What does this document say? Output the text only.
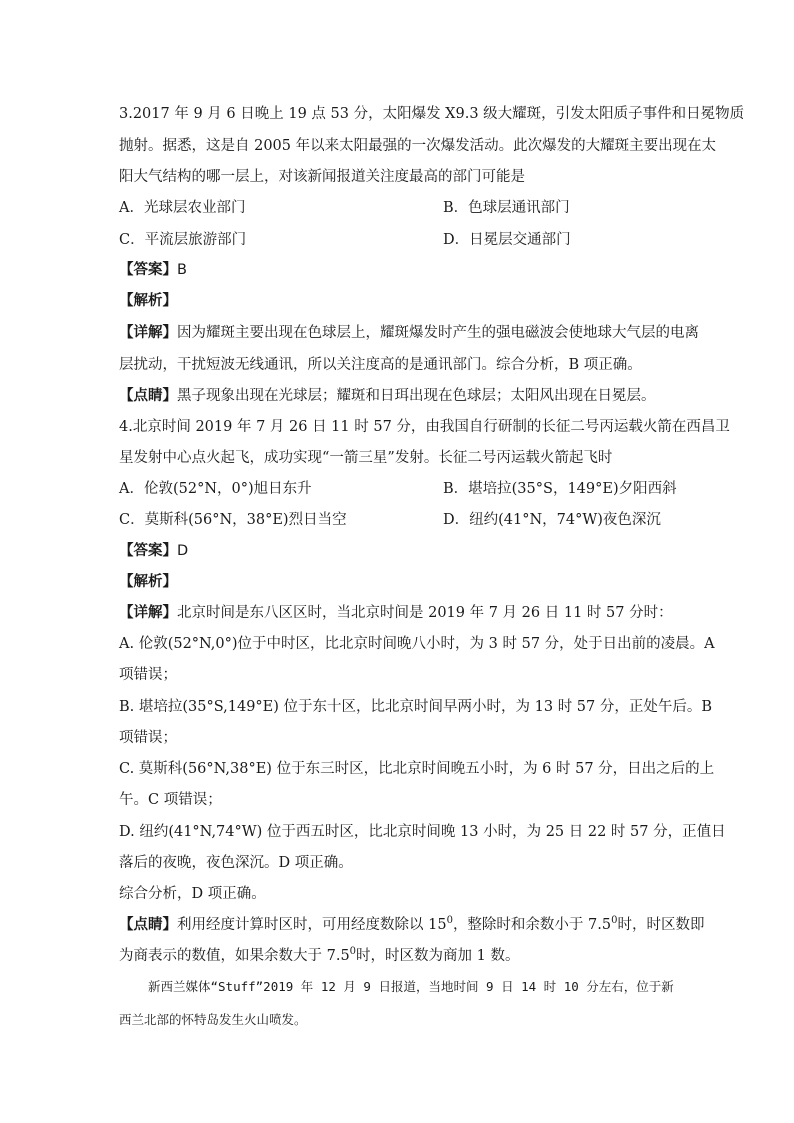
3.2017 年 9 月 6 日晚上 19 点 53 分，太阳爆发 X9.3 级大耀斑，引发太阳质子事件和日冕物质
抛射。据悉，这是自 2005 年以来太阳最强的一次爆发活动。此次爆发的大耀斑主要出现在太
阳大气结构的哪一层上，对该新闻报道关注度最高的部门可能是
A．光球层农业部门	B．色球层通讯部门
C．平流层旅游部门	D．日冕层交通部门
【答案】B
【解析】
【详解】因为耀斑主要出现在色球层上，耀斑爆发时产生的强电磁波会使地球大气层的电离
层扰动，干扰短波无线通讯，所以关注度高的是通讯部门。综合分析，B 项正确。
【点睛】黑子现象出现在光球层；耀斑和日珥出现在色球层；太阳风出现在日冕层。
4.北京时间 2019 年 7 月 26 日 11 时 57 分，由我国自行研制的长征二号丙运载火箭在西昌卫
星发射中心点火起飞，成功实现“一箭三星”发射。长征二号丙运载火箭起飞时
A．伦敦(52°N，0°)旭日东升	B．堪培拉(35°S，149°E)夕阳西斜
C．莫斯科(56°N，38°E)烈日当空	D．纽约(41°N，74°W)夜色深沉
【答案】D
【解析】
【详解】北京时间是东八区区时，当北京时间是 2019 年 7 月 26 日 11 时 57 分时：
A. 伦敦(52°N,0°)位于中时区，比北京时间晚八小时，为 3 时 57 分，处于日出前的凌晨。A
项错误；
B. 堪培拉(35°S,149°E) 位于东十区，比北京时间早两小时，为 13 时 57 分，正处午后。B
项错误；
C. 莫斯科(56°N,38°E) 位于东三时区，比北京时间晚五小时，为 6 时 57 分，日出之后的上
午。C 项错误；
D. 纽约(41°N,74°W) 位于西五时区，比北京时间晚 13 小时，为 25 日 22 时 57 分，正值日
落后的夜晚，夜色深沉。D 项正确。
综合分析，D 项正确。
【点睛】利用经度计算时区时，可用经度数除以 $15^0$，整除时和余数小于 $7.5^0$时，时区数即
为商表示的数值，如果余数大于 $7.5^0$时，时区数为商加 1 数。
新西兰媒体“Stuff”2019 年 12 月 9 日报道，当地时间 9 日 14 时 10 分左右，位于新
西兰北部的怀特岛发生火山喷发。
